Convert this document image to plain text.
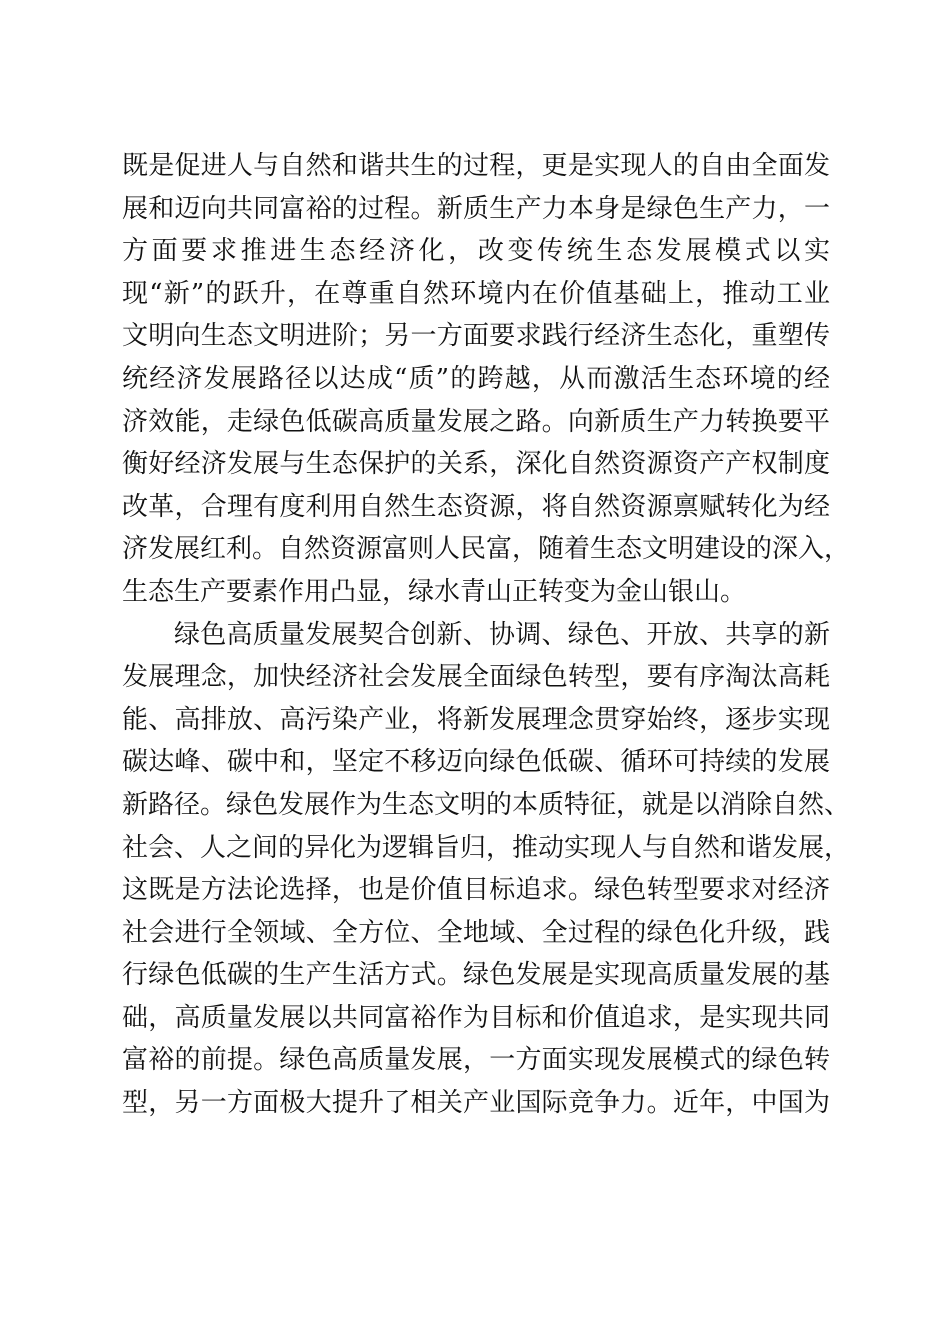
既是促进人与自然和谐共生的过程，更是实现人的自由全面发
展和迈向共同富裕的过程。新质生产力本身是绿色生产力，一
方面要求推进生态经济化，改变传统生态发展模式以实
现“新”的跃升，在尊重自然环境内在价值基础上，推动工业
文明向生态文明进阶；另一方面要求践行经济生态化，重塑传
统经济发展路径以达成“质”的跨越，从而激活生态环境的经
济效能，走绿色低碳高质量发展之路。向新质生产力转换要平
衡好经济发展与生态保护的关系，深化自然资源资产产权制度
改革，合理有度利用自然生态资源，将自然资源禀赋转化为经
济发展红利。自然资源富则人民富，随着生态文明建设的深入，
生态生产要素作用凸显，绿水青山正转变为金山银山。
绿色高质量发展契合创新、协调、绿色、开放、共享的新
发展理念，加快经济社会发展全面绿色转型，要有序淘汰高耗
能、高排放、高污染产业，将新发展理念贯穿始终，逐步实现
碳达峰、碳中和，坚定不移迈向绿色低碳、循环可持续的发展
新路径。绿色发展作为生态文明的本质特征，就是以消除自然、
社会、人之间的异化为逻辑旨归，推动实现人与自然和谐发展，
这既是方法论选择，也是价值目标追求。绿色转型要求对经济
社会进行全领域、全方位、全地域、全过程的绿色化升级，践
行绿色低碳的生产生活方式。绿色发展是实现高质量发展的基
础，高质量发展以共同富裕作为目标和价值追求，是实现共同
富裕的前提。绿色高质量发展，一方面实现发展模式的绿色转
型，另一方面极大提升了相关产业国际竞争力。近年，中国为
